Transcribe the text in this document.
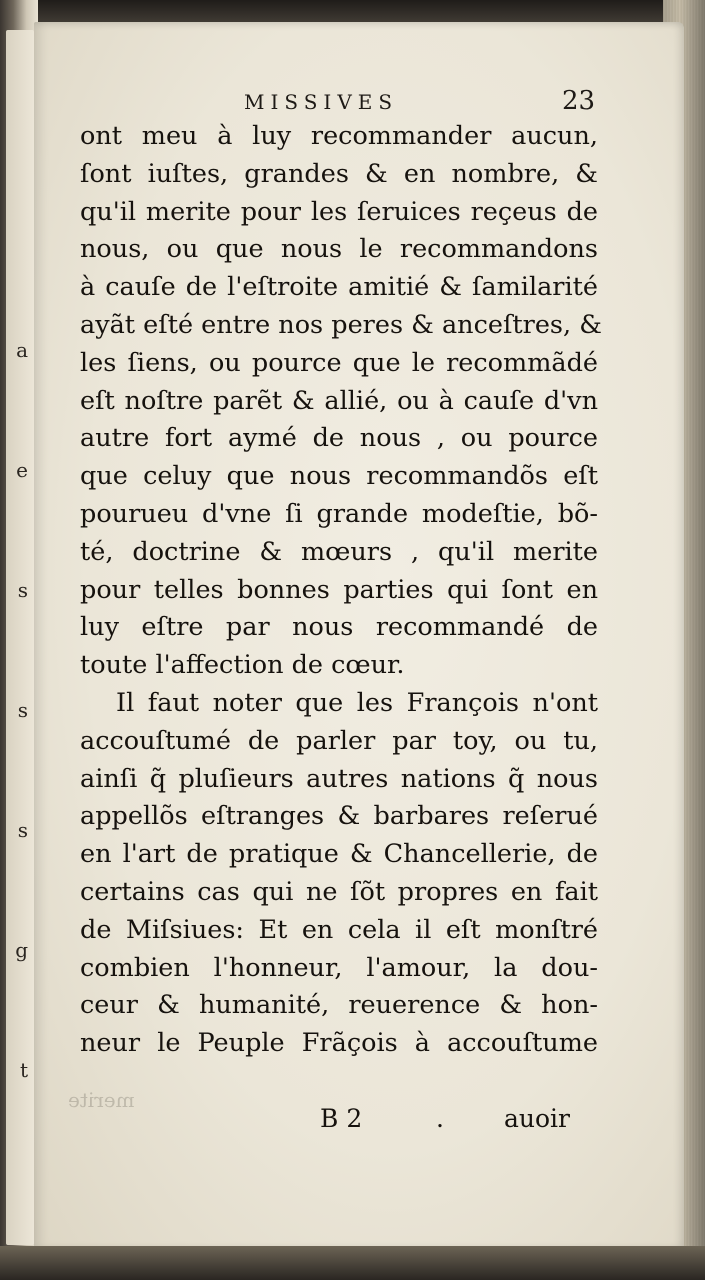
a
e
s
s
s
g
t
MISSIVES	23
ont meu à luy recommander aucun,
ſont iuſtes, grandes & en nombre, &
qu'il merite pour les ſeruices reçeus de
nous, ou que nous le recommandons
à cauſe de l'eſtroite amitié & ſamilarité
ayãt eſté entre nos peres & anceſtres, &
les ſiens, ou pource que le recommãdé
eſt noſtre parẽt & allié, ou à cauſe d'vn
autre fort aymé de nous , ou pource
que celuy que nous recommandõs eſt
pourueu d'vne ſi grande modeſtie, bõ-
té, doctrine & mœurs , qu'il merite
pour telles bonnes parties qui ſont en
luy eſtre par nous recommandé de
toute l'affection de cœur.
Il faut noter que les François n'ont
accouſtumé de parler par toy, ou tu,
ainſi q̃ pluſieurs autres nations q̃ nous
appellõs eſtranges & barbares reſerué
en l'art de pratique & Chancellerie, de
certains cas qui ne ſõt propres en fait
de Miſsiues: Et en cela il eſt monſtré
combien l'honneur, l'amour, la dou-
ceur & humanité, reuerence & hon-
neur le Peuple Frãçois à accouſtume
merite
B 2	. auoir
